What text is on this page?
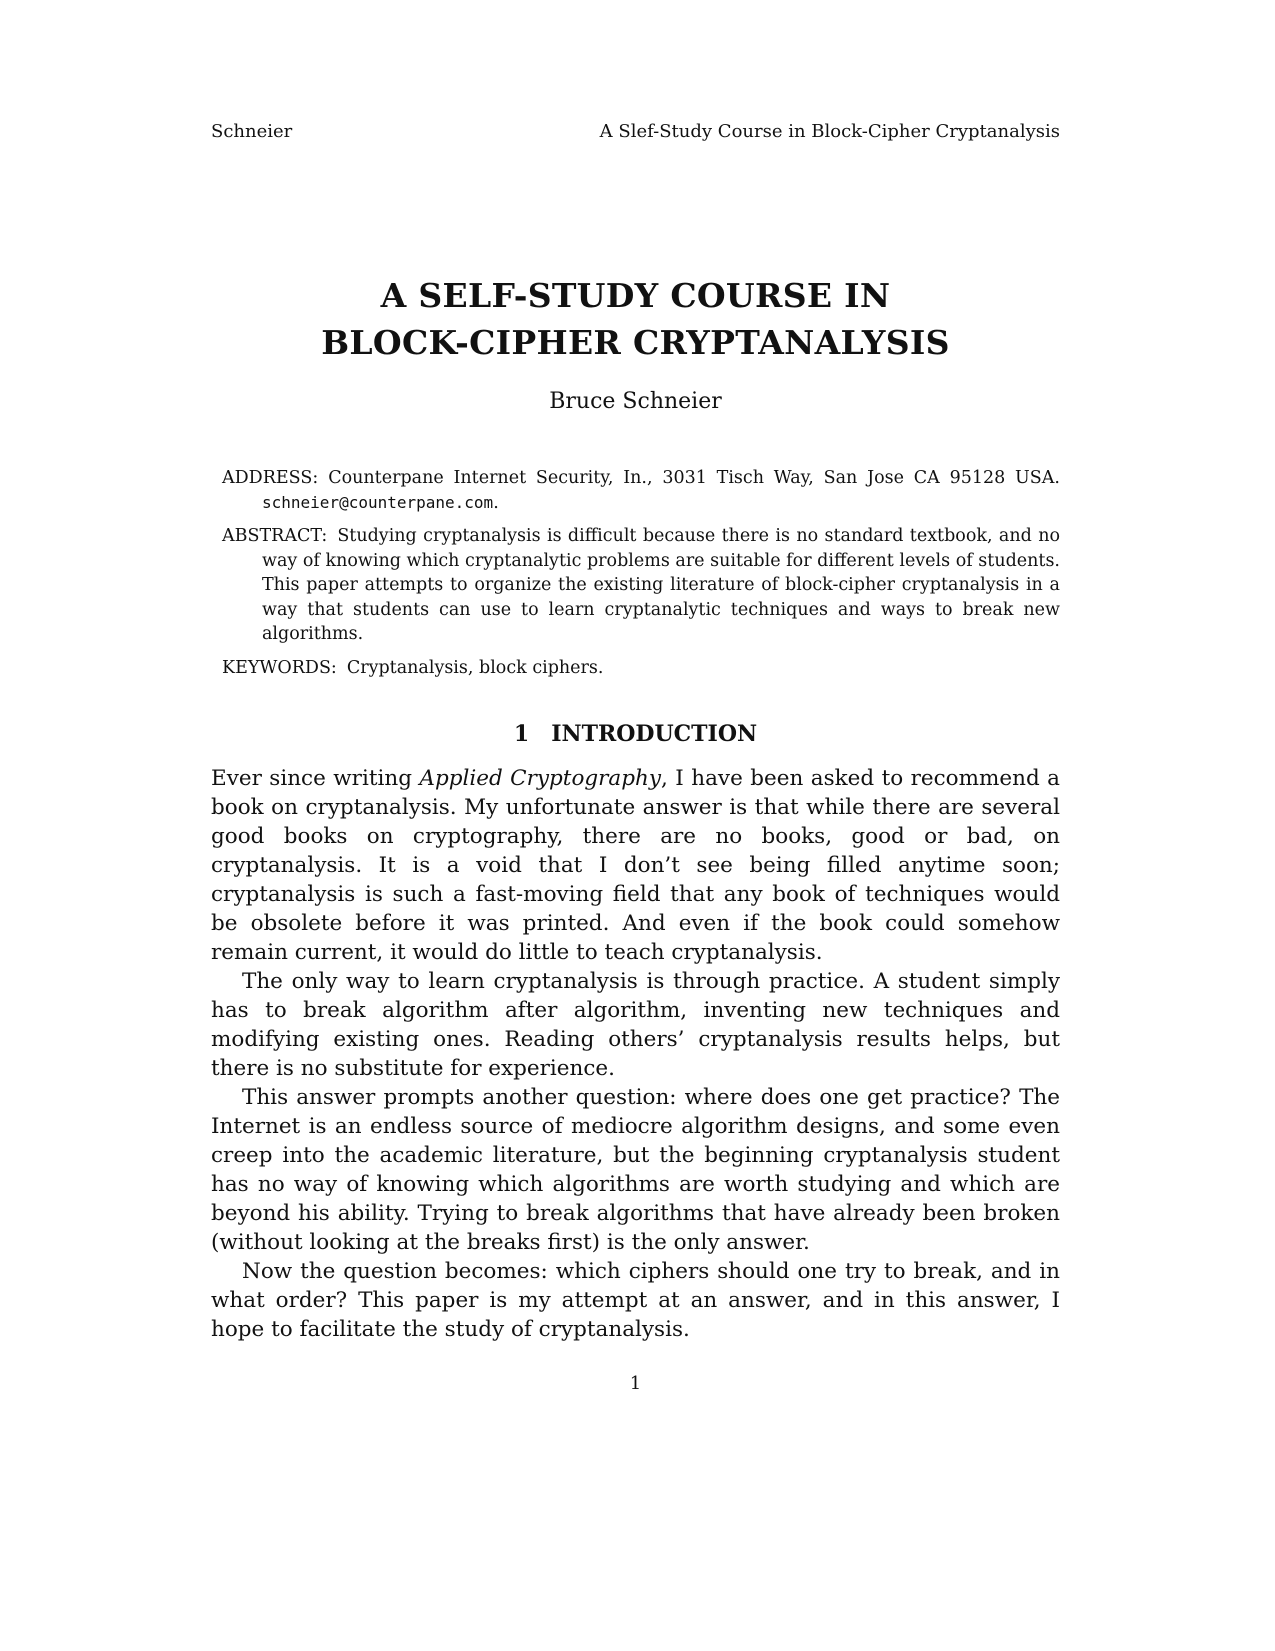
Schneier	A Slef-Study Course in Block-Cipher Cryptanalysis
A SELF-STUDY COURSE IN
BLOCK-CIPHER CRYPTANALYSIS
Bruce Schneier

ADDRESS: Counterpane Internet Security, In., 3031 Tisch Way, San Jose CA 95128 USA. schneier@counterpane.com.

ABSTRACT: Studying cryptanalysis is difficult because there is no standard textbook, and no way of knowing which cryptanalytic problems are suitable for different levels of students. This paper attempts to organize the existing literature of block-cipher cryptanalysis in a way that students can use to learn cryptanalytic techniques and ways to break new algorithms.

KEYWORDS: Cryptanalysis, block ciphers.

1 INTRODUCTION

Ever since writing Applied Cryptography, I have been asked to recommend a book on cryptanalysis. My unfortunate answer is that while there are several good books on cryptography, there are no books, good or bad, on cryptanalysis. It is a void that I don’t see being filled anytime soon; cryptanalysis is such a fast-moving field that any book of techniques would be obsolete before it was printed. And even if the book could somehow remain current, it would do little to teach cryptanalysis.

The only way to learn cryptanalysis is through practice. A student simply has to break algorithm after algorithm, inventing new techniques and modifying existing ones. Reading others’ cryptanalysis results helps, but there is no substitute for experience.

This answer prompts another question: where does one get practice? The Internet is an endless source of mediocre algorithm designs, and some even creep into the academic literature, but the beginning cryptanalysis student has no way of knowing which algorithms are worth studying and which are beyond his ability. Trying to break algorithms that have already been broken (without looking at the breaks first) is the only answer.

Now the question becomes: which ciphers should one try to break, and in what order? This paper is my attempt at an answer, and in this answer, I hope to facilitate the study of cryptanalysis.

1
